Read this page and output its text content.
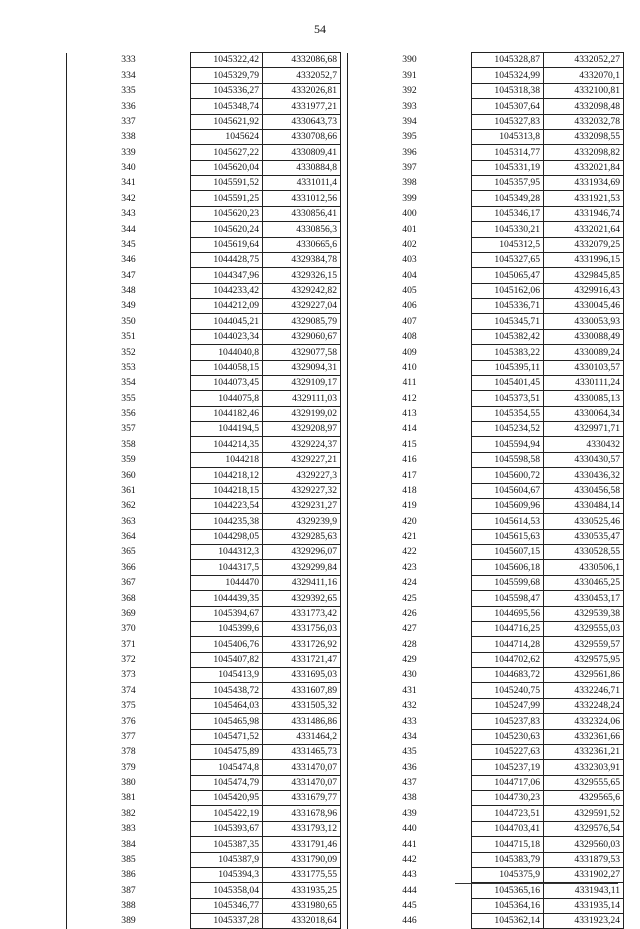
54
333	1045322,42	4332086,68
334	1045329,79	4332052,7
335	1045336,27	4332026,81
336	1045348,74	4331977,21
337	1045621,92	4330643,73
338	1045624	4330708,66
339	1045627,22	4330809,41
340	1045620,04	4330884,8
341	1045591,52	4331011,4
342	1045591,25	4331012,56
343	1045620,23	4330856,41
344	1045620,24	4330856,3
345	1045619,64	4330665,6
346	1044428,75	4329384,78
347	1044347,96	4329326,15
348	1044233,42	4329242,82
349	1044212,09	4329227,04
350	1044045,21	4329085,79
351	1044023,34	4329060,67
352	1044040,8	4329077,58
353	1044058,15	4329094,31
354	1044073,45	4329109,17
355	1044075,8	4329111,03
356	1044182,46	4329199,02
357	1044194,5	4329208,97
358	1044214,35	4329224,37
359	1044218	4329227,21
360	1044218,12	4329227,3
361	1044218,15	4329227,32
362	1044223,54	4329231,27
363	1044235,38	4329239,9
364	1044298,05	4329285,63
365	1044312,3	4329296,07
366	1044317,5	4329299,84
367	1044470	4329411,16
368	1044439,35	4329392,65
369	1045394,67	4331773,42
370	1045399,6	4331756,03
371	1045406,76	4331726,92
372	1045407,82	4331721,47
373	1045413,9	4331695,03
374	1045438,72	4331607,89
375	1045464,03	4331505,32
376	1045465,98	4331486,86
377	1045471,52	4331464,2
378	1045475,89	4331465,73
379	1045474,8	4331470,07
380	1045474,79	4331470,07
381	1045420,95	4331679,77
382	1045422,19	4331678,96
383	1045393,67	4331793,12
384	1045387,35	4331791,46
385	1045387,9	4331790,09
386	1045394,3	4331775,55
387	1045358,04	4331935,25
388	1045346,77	4331980,65
389	1045337,28	4332018,64
390	1045328,87	4332052,27
391	1045324,99	4332070,1
392	1045318,38	4332100,81
393	1045307,64	4332098,48
394	1045327,83	4332032,78
395	1045313,8	4332098,55
396	1045314,77	4332098,82
397	1045331,19	4332021,84
398	1045357,95	4331934,69
399	1045349,28	4331921,53
400	1045346,17	4331946,74
401	1045330,21	4332021,64
402	1045312,5	4332079,25
403	1045327,65	4331996,15
404	1045065,47	4329845,85
405	1045162,06	4329916,43
406	1045336,71	4330045,46
407	1045345,71	4330053,93
408	1045382,42	4330088,49
409	1045383,22	4330089,24
410	1045395,11	4330103,57
411	1045401,45	4330111,24
412	1045373,51	4330085,13
413	1045354,55	4330064,34
414	1045234,52	4329971,71
415	1045594,94	4330432
416	1045598,58	4330430,57
417	1045600,72	4330436,32
418	1045604,67	4330456,58
419	1045609,96	4330484,14
420	1045614,53	4330525,46
421	1045615,63	4330535,47
422	1045607,15	4330528,55
423	1045606,18	4330506,1
424	1045599,68	4330465,25
425	1045598,47	4330453,17
426	1044695,56	4329539,38
427	1044716,25	4329555,03
428	1044714,28	4329559,57
429	1044702,62	4329575,95
430	1044683,72	4329561,86
431	1045240,75	4332246,71
432	1045247,99	4332248,24
433	1045237,83	4332324,06
434	1045230,63	4332361,66
435	1045227,63	4332361,21
436	1045237,19	4332303,91
437	1044717,06	4329555,65
438	1044730,23	4329565,6
439	1044723,51	4329591,52
440	1044703,41	4329576,54
441	1044715,18	4329560,03
442	1045383,79	4331879,53
443	1045375,9	4331902,27
444	1045365,16	4331943,11
445	1045364,16	4331935,14
446	1045362,14	4331923,24
